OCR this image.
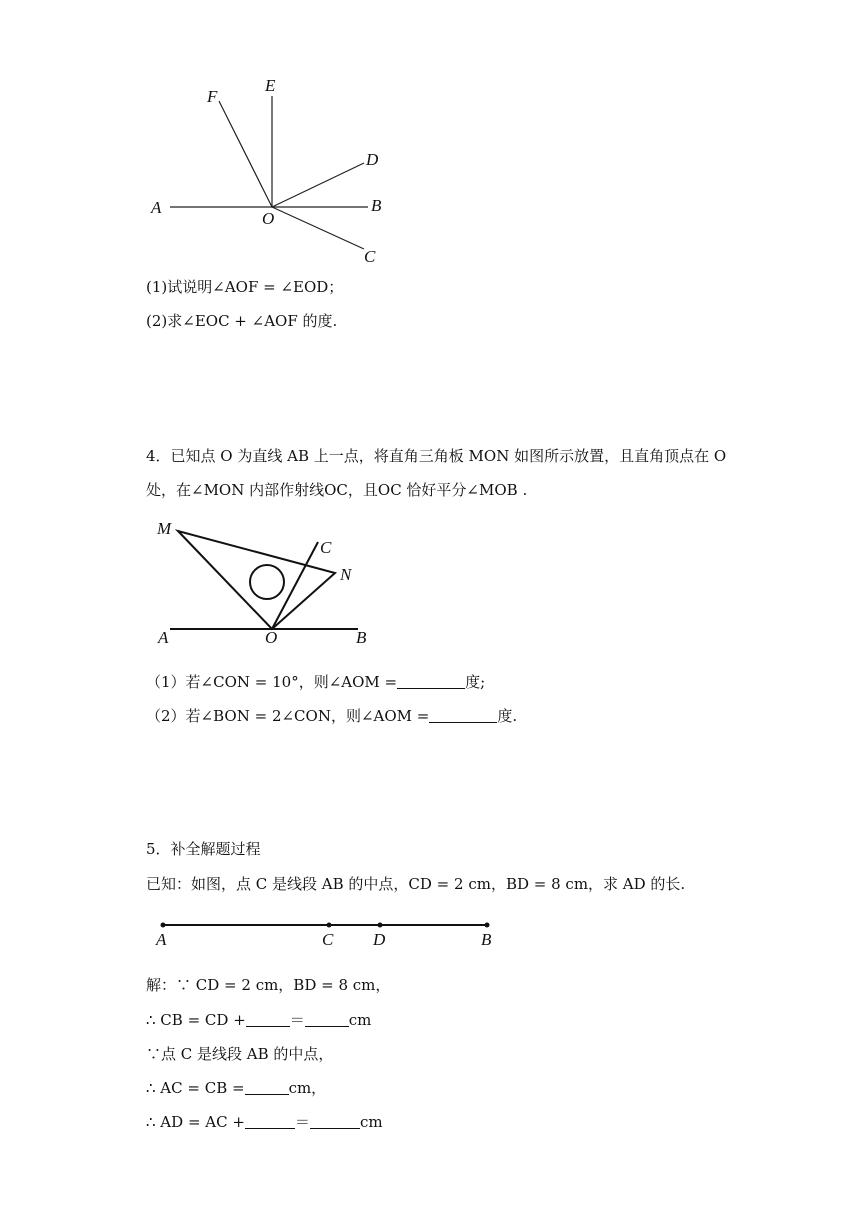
E
F
D
A
O
B
C
(1)试说明∠AOF = ∠EOD；
(2)求∠EOC + ∠AOF 的度.
4．已知点 O 为直线 AB 上一点，将直角三角板 MON 如图所示放置，且直角顶点在 O
处，在∠MON 内部作射线OC，且OC 恰好平分∠MOB .
M
C
N
A	O	B
（1）若∠CON = 10°，则∠AOM =	度;
（2）若∠BON = 2∠CON，则∠AOM =	度.
5．补全解题过程
已知：如图，点 C 是线段 AB 的中点，CD = 2 cm，BD = 8 cm，求 AD 的长.
A	C D	B
解：∵ CD = 2 cm，BD = 8 cm，
∴ CB = CD +	＝	cm
∵点 C 是线段 AB 的中点，
∴ AC = CB =	cm，
∴ AD = AC +	＝	cm
